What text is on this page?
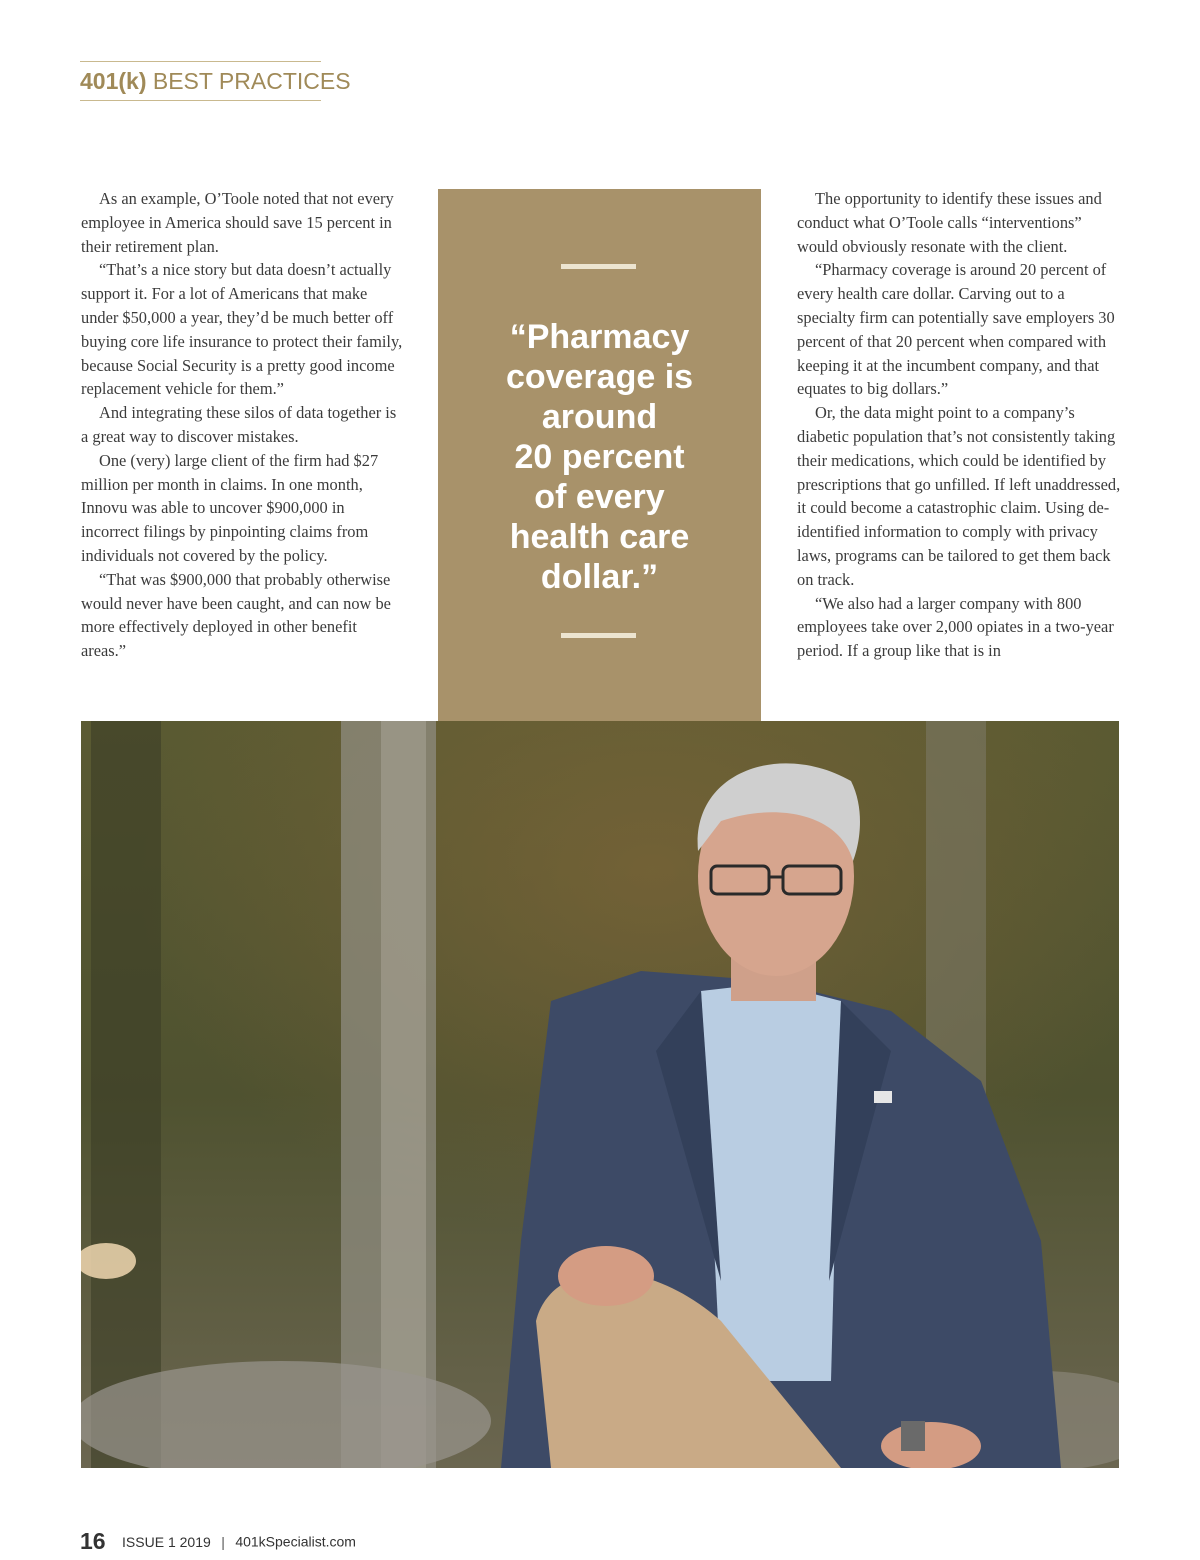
401(k) BEST PRACTICES

As an example, O’Toole noted that not every employee in America should save 15 percent in their retirement plan.

“That’s a nice story but data doesn’t actually support it. For a lot of Americans that make under $50,000 a year, they’d be much better off buying core life insurance to protect their family, because Social Security is a pretty good income replacement vehicle for them.”

And integrating these silos of data together is a great way to discover mistakes.

One (very) large client of the firm had $27 million per month in claims. In one month, Innovu was able to uncover $900,000 in incorrect filings by pinpointing claims from individuals not covered by the policy.

“That was $900,000 that probably otherwise would never have been caught, and can now be more effectively deployed in other benefit areas.”

“Pharmacy
coverage is
around
20 percent
of every
health care
dollar.”

The opportunity to identify these issues and conduct what O’Toole calls “interventions” would obviously resonate with the client.

“Pharmacy coverage is around 20 percent of every health care dollar. Carving out to a specialty firm can potentially save employers 30 percent of that 20 percent when compared with keeping it at the incumbent company, and that equates to big dollars.”

Or, the data might point to a company’s diabetic population that’s not consistently taking their medications, which could be identified by prescriptions that go unfilled. If left unaddressed, it could become a catastrophic claim. Using de-identified information to comply with privacy laws, programs can be tailored to get them back on track.

“We also had a larger company with 800 employees take over 2,000 opiates in a two-year period. If a group like that is in

16 ISSUE 1 2019 | 401kSpecialist.com
